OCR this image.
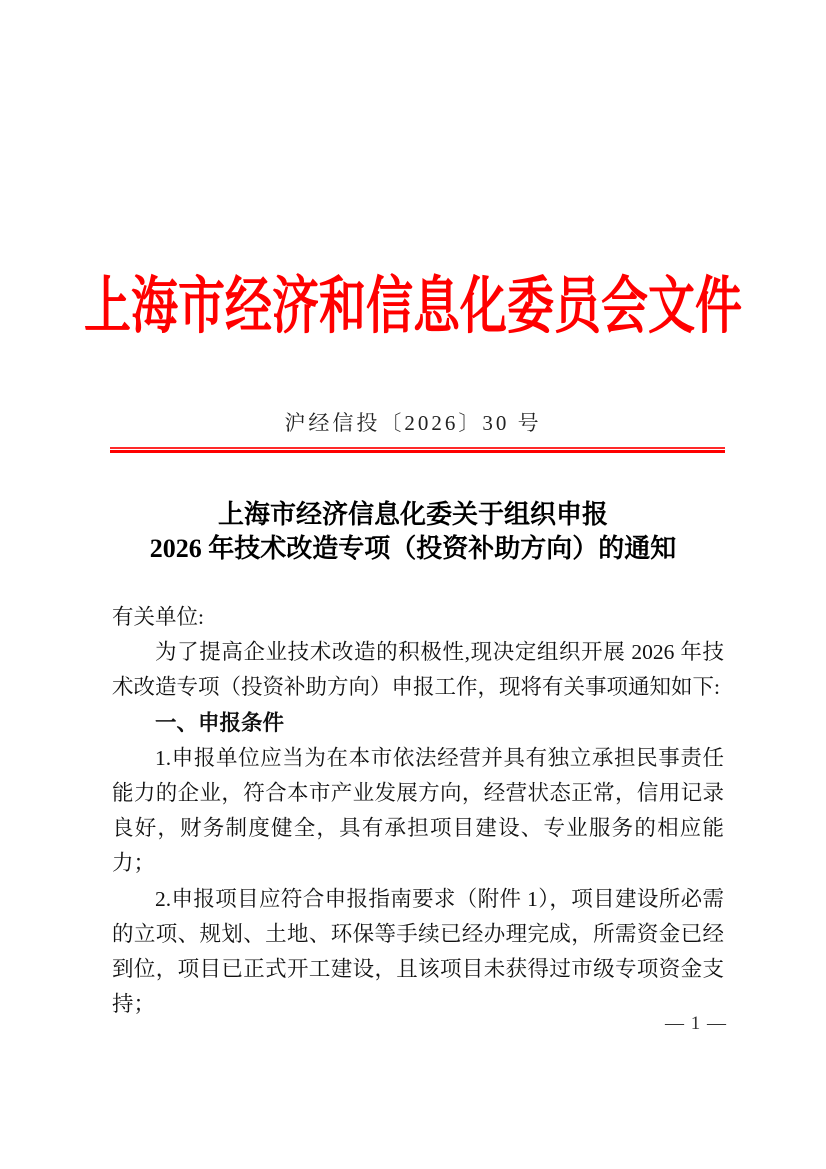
上海市经济和信息化委员会文件
沪经信投〔2026〕30 号
上海市经济信息化委关于组织申报
2026 年技术改造专项（投资补助方向）的通知

有关单位:

为了提高企业技术改造的积极性,现决定组织开展 2026 年技术改造专项（投资补助方向）申报工作，现将有关事项通知如下:

一、申报条件

1.申报单位应当为在本市依法经营并具有独立承担民事责任能力的企业，符合本市产业发展方向，经营状态正常，信用记录良好，财务制度健全，具有承担项目建设、专业服务的相应能力；

2.申报项目应符合申报指南要求（附件 1），项目建设所必需的立项、规划、土地、环保等手续已经办理完成，所需资金已经到位，项目已正式开工建设，且该项目未获得过市级专项资金支持；

— 1 —
